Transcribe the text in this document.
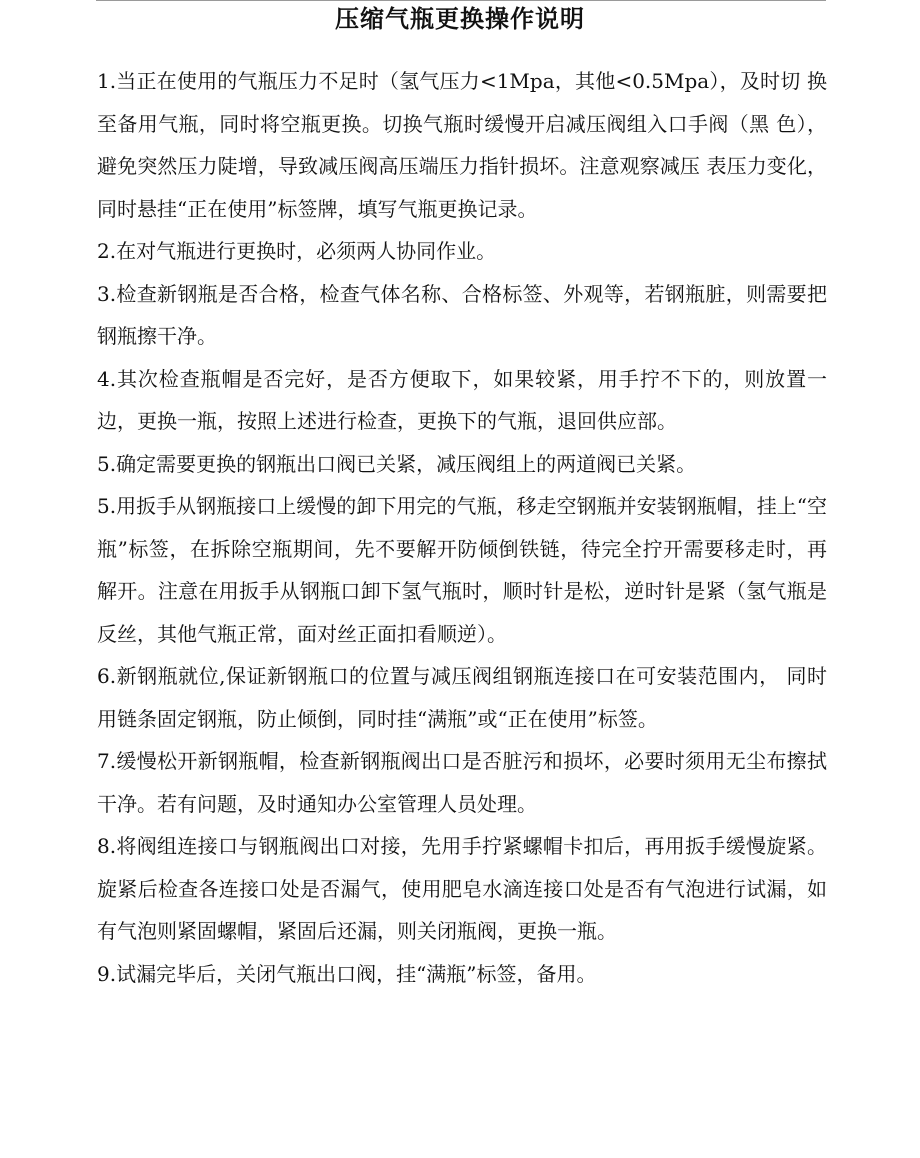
压缩气瓶更换操作说明

1.当正在使用的气瓶压力不足时（氢气压力<1Mpa，其他<0.5Mpa），及时切 换至备用气瓶，同时将空瓶更换。切换气瓶时缓慢开启减压阀组入口手阀（黑 色），避免突然压力陡增，导致减压阀高压端压力指针损坏。注意观察减压 表压力变化，同时悬挂“正在使用”标签牌，填写气瓶更换记录。

2.在对气瓶进行更换时，必须两人协同作业。

3.检查新钢瓶是否合格，检查气体名称、合格标签、外观等，若钢瓶脏，则需要把钢瓶擦干净。

4.其次检查瓶帽是否完好，是否方便取下，如果较紧，用手拧不下的，则放置一边，更换一瓶，按照上述进行检查，更换下的气瓶，退回供应部。

5.确定需要更换的钢瓶出口阀已关紧，减压阀组上的两道阀已关紧。

5.用扳手从钢瓶接口上缓慢的卸下用完的气瓶，移走空钢瓶并安装钢瓶帽，挂上“空瓶”标签，在拆除空瓶期间，先不要解开防倾倒铁链，待完全拧开需要移走时，再解开。注意在用扳手从钢瓶口卸下氢气瓶时，顺时针是松，逆时针是紧（氢气瓶是反丝，其他气瓶正常，面对丝正面扣看顺逆）。

6.新钢瓶就位,保证新钢瓶口的位置与减压阀组钢瓶连接口在可安装范围内， 同时用链条固定钢瓶，防止倾倒，同时挂“满瓶”或“正在使用”标签。

7.缓慢松开新钢瓶帽，检查新钢瓶阀出口是否脏污和损坏，必要时须用无尘布擦拭干净。若有问题，及时通知办公室管理人员处理。

8.将阀组连接口与钢瓶阀出口对接，先用手拧紧螺帽卡扣后，再用扳手缓慢旋紧。旋紧后检查各连接口处是否漏气，使用肥皂水滴连接口处是否有气泡进行试漏，如有气泡则紧固螺帽，紧固后还漏，则关闭瓶阀，更换一瓶。

9.试漏完毕后，关闭气瓶出口阀，挂“满瓶”标签，备用。
